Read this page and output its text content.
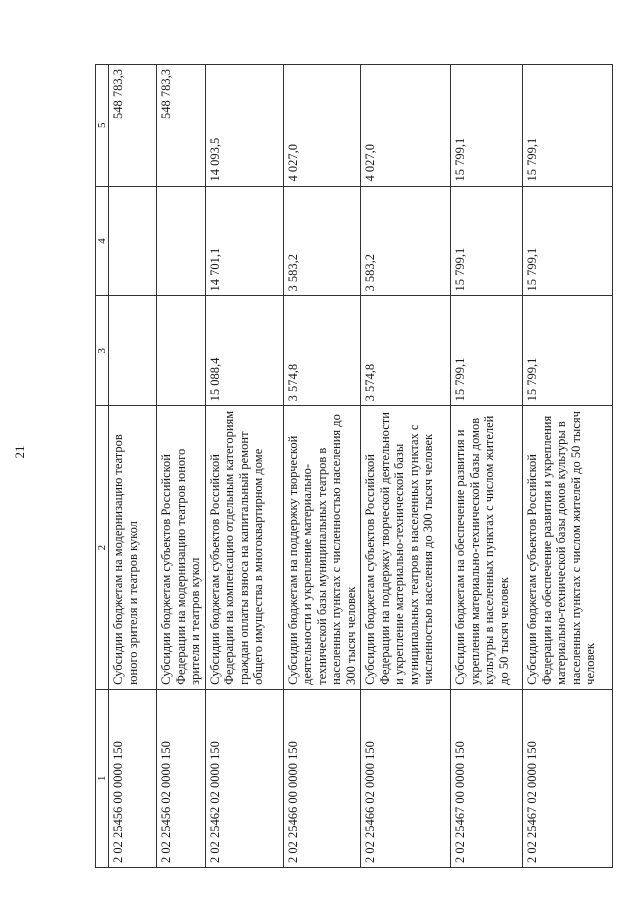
21
1	2	3	4	5
2 02 25456 00 0000 150	Субсидии бюджетам на модернизацию театров юного зрителя и театров кукол			548 783,3
2 02 25456 02 0000 150	Субсидии бюджетам субъектов Российской Федерации на модернизацию театров юного зрителя и театров кукол			548 783,3
2 02 25462 02 0000 150	Субсидии бюджетам субъектов Российской Федерации на компенсацию отдельным категориям граждан оплаты взноса на капитальный ремонт общего имущества в многоквартирном доме	15 088,4	14 701,1	14 093,5
2 02 25466 00 0000 150	Субсидии бюджетам на поддержку творческой деятельности и укрепление материально-технической базы муниципальных театров в населенных пунктах с численностью населения до 300 тысяч человек	3 574,8	3 583,2	4 027,0
2 02 25466 02 0000 150	Субсидии бюджетам субъектов Российской Федерации на поддержку творческой деятельности и укрепление материально-технической базы муниципальных театров в населенных пунктах с численностью населения до 300 тысяч человек	3 574,8	3 583,2	4 027,0
2 02 25467 00 0000 150	Субсидии бюджетам на обеспечение развития и укрепления материально-технической базы домов культуры в населенных пунктах с числом жителей до 50 тысяч человек	15 799,1	15 799,1	15 799,1
2 02 25467 02 0000 150	Субсидии бюджетам субъектов Российской Федерации на обеспечение развития и укрепления материально-технической базы домов культуры в населенных пунктах с числом жителей до 50 тысяч человек	15 799,1	15 799,1	15 799,1
